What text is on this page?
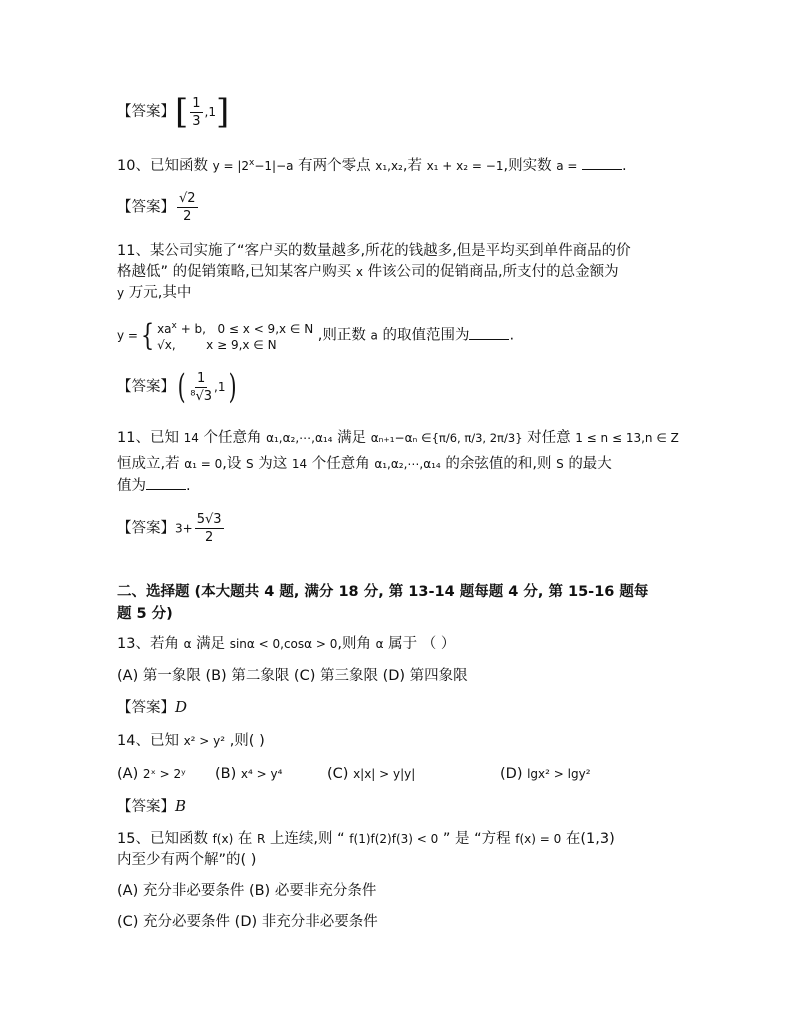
【答案】[ $\frac{1}{3} ,1$]
10、已知函数 $y = |2^x-1|-a$ 有两个零点 x₁,x₂,若 x₁ + x₂ = −1,则实数 a =	.
【答案】 $\frac{√2}{2}$
11、某公司实施了“客户买的数量越多,所花的钱越多,但是平均买到单件商品的价
格越低” 的促销策略,已知某客户购买 x 件该公司的促销商品,所支付的总金额为
y 万元,其中
y ={ $xa^x + b$, 0 ≤ x < 9,x ∈ N
√x,	x ≥ 9,x ∈ N
,则正数 a 的取值范围为	.
【答案】( $\frac{1}{\text{⁸√3}} ,1$)
11、已知 14 个任意角 α₁,α₂,⋯,α₁₄ 满足 αₙ₊₁−αₙ ∈{π/6, π/3, 2π/3} 对任意 1 ≤ n ≤ 13,n ∈ Z
恒成立,若 α₁ = 0,设 S 为这 14 个任意角 α₁,α₂,⋯,α₁₄ 的余弦值的和,则 S 的最大
值为	.
【答案】$3+ \frac{5√3}{2}$
二、选择题 (本大题共 4 题, 满分 18 分, 第 13-14 题每题 4 分, 第 15-16 题每
题 5 分)
13、若角 α 满足 sinα < 0,cosα > 0,则角 α 属于 （ ）
(A) 第一象限 (B) 第二象限 (C) 第三象限 (D) 第四象限
【答案】D
14、已知 x² > y² ,则( )
(A) 2ˣ > 2ʸ (B) x⁴ > y⁴	(C) x|x| > y|y|	(D) lgx² > lgy²
【答案】B
15、已知函数 f(x) 在 R 上连续,则 “ f(1)f(2)f(3) < 0 ” 是 “方程 f(x) = 0 在(1,3)
内至少有两个解”的( )
(A) 充分非必要条件 (B) 必要非充分条件
(C) 充分必要条件 (D) 非充分非必要条件
